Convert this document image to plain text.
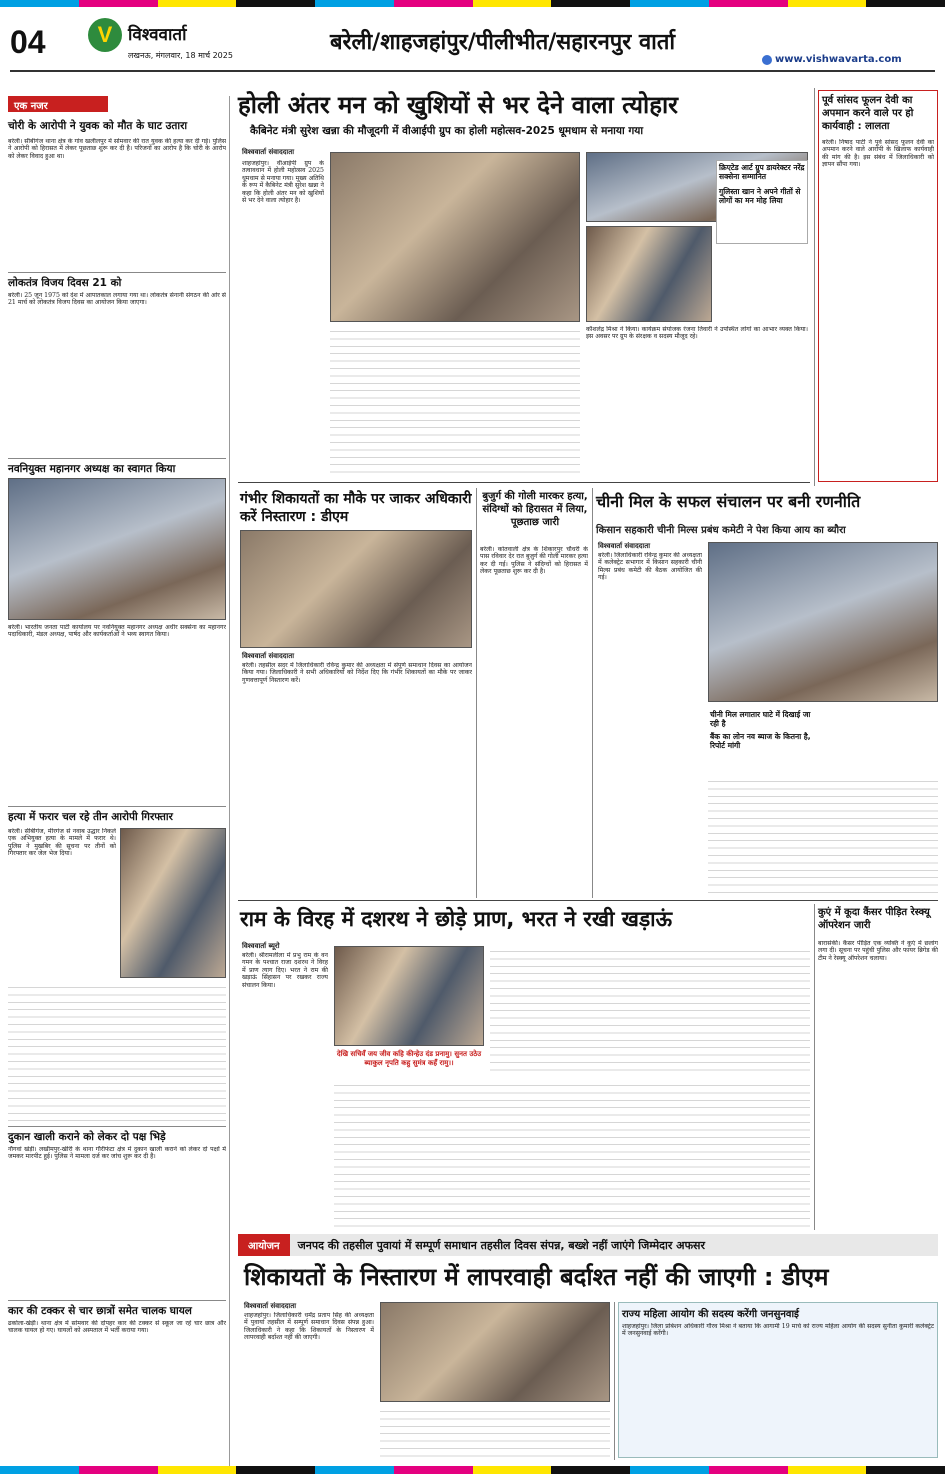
04 V विश्ववार्ता
लखनऊ, मंगलवार, 18 मार्च 2025
बरेली/शाहजहांपुर/पीलीभीत/सहारनपुर वार्ता
www.vishwavarta.com
एक नजर
चोरी के आरोपी ने युवक को मौत के घाट उतारा
बरेली। सीबीगंज थाना क्षेत्र के गांव खलीलपुर में सोमवार की रात युवक की हत्या कर दी गई। पुलिस ने आरोपी को हिरासत में लेकर पूछताछ शुरू कर दी है। परिजनों का आरोप है कि चोरी के आरोप को लेकर विवाद हुआ था।
लोकतंत्र विजय दिवस 21 को
बरेली। 25 जून 1975 को देश में आपातकाल लगाया गया था। लोकतंत्र सेनानी संगठन की ओर से 21 मार्च को लोकतंत्र विजय दिवस का आयोजन किया जाएगा।
नवनियुक्त महानगर अध्यक्ष का स्वागत किया
बरेली। भारतीय जनता पार्टी कार्यालय पर नवनियुक्त महानगर अध्यक्ष अधीर सक्सेना का महानगर पदाधिकारी, मंडल अध्यक्ष, पार्षद और कार्यकर्ताओं ने भव्य स्वागत किया।
हत्या में फरार चल रहे तीन आरोपी गिरफ्तार
बरेली। सीबीगंज, मीरगंज से नवाब उद्धार निकले एक अभियुक्त हत्या के मामले में फरार थे। पुलिस ने मुखबिर की सूचना पर तीनों को गिरफ्तार कर जेल भेज दिया।
दुकान खाली कराने को लेकर दो पक्ष भिड़े
नौगवां खेड़ी। लखीमपुर-खीरी के थाना गौरीफंटा क्षेत्र में दुकान खाली कराने को लेकर दो पक्षों में जमकर मारपीट हुई। पुलिस ने मामला दर्ज कर जांच शुरू कर दी है।
कार की टक्कर से चार छात्रों समेत चालक घायल
ढकोला-खेड़ी। थाना क्षेत्र में सोमवार की दोपहर कार की टक्कर से स्कूल जा रहे चार छात्र और चालक घायल हो गए। घायलों को अस्पताल में भर्ती कराया गया।
होली अंतर मन को खुशियों से भर देने वाला त्योहार
कैबिनेट मंत्री सुरेश खन्ना की मौजूदगी में वीआईपी ग्रुप का होली महोत्सव-2025 धूमधाम से मनाया गया
विश्ववार्ता संवाददाता
शाहजहांपुर। वीआईपी ग्रुप के तत्वावधान में होली महोत्सव 2025 धूमधाम से मनाया गया। मुख्य अतिथि के रूप में कैबिनेट मंत्री सुरेश खन्ना ने कहा कि होली अंतर मन को खुशियों से भर देने वाला त्योहार है।
क्रिएटेड आर्ट ग्रुप डायरेक्टर नरेंद्र सक्सेना सम्मानित
गुलिस्ता खान ने अपने गीतों से लोगों का मन मोह लिया
कौशलेंद्र मिश्रा ने किया। कार्यक्रम संयोजक रंजना तिवारी ने उपस्थित लोगों का आभार व्यक्त किया। इस अवसर पर ग्रुप के संरक्षक व सदस्य मौजूद रहे।
गंभीर शिकायतों का मौके पर जाकर अधिकारी करें निस्तारण : डीएम
विश्ववार्ता संवाददाता
बरेली। तहसील सदर में जिलाधिकारी रविन्द्र कुमार की अध्यक्षता में संपूर्ण समाधान दिवस का आयोजन किया गया। जिलाधिकारी ने सभी अधिकारियों को निर्देश दिए कि गंभीर शिकायतों का मौके पर जाकर गुणवत्तापूर्ण निस्तारण करें।
बुजुर्ग की गोली मारकर हत्या, संदिग्धों को हिरासत में लिया, पूछताछ जारी
बरेली। कोतवाली क्षेत्र के शिकारपुर चौधरी के पास रविवार देर रात बुजुर्ग की गोली मारकर हत्या कर दी गई। पुलिस ने संदिग्धों को हिरासत में लेकर पूछताछ शुरू कर दी है।
चीनी मिल के सफल संचालन पर बनी रणनीति
किसान सहकारी चीनी मिल्स प्रबंध कमेटी ने पेश किया आय का ब्यौरा
विश्ववार्ता संवाददाता
बरेली। जिलाधिकारी रविन्द्र कुमार की अध्यक्षता में कलेक्ट्रेट सभागार में किसान सहकारी चीनी मिल्स प्रबंध कमेटी की बैठक आयोजित की गई।
चीनी मिल लगातार घाटे में दिखाई जा रही है
बैंक का लोन नव ब्याज के कितना है, रिपोर्ट मांगी
पूर्व सांसद फूलन देवी का अपमान करने वाले पर हो कार्यवाही : लालता
बरेली। निषाद पार्टी ने पूर्व सांसद फूलन देवी का अपमान करने वाले आरोपी के खिलाफ कार्यवाही की मांग की है। इस संबंध में जिलाधिकारी को ज्ञापन सौंपा गया।
राम के विरह में दशरथ ने छोड़े प्राण, भरत ने रखी खड़ाऊं
विश्ववार्ता ब्यूरो
बरेली। श्रीरामलीला में प्रभु राम के वन गमन के पश्चात राजा दशरथ ने विरह में प्राण त्याग दिए। भरत ने राम की खड़ाऊं सिंहासन पर रखकर राज्य संचालन किया।
देखि सचिवँ जय जीव कहि कीन्हेउ दंड प्रनामु। सुनत उठेउ ब्याकुल नृपति कहु सुमंत्र कहँ रामु।।
कुएं में कूदा कैंसर पीड़ित रेस्क्यू ऑपरेशन जारी
बारासंकी। कैंसर पीड़ित एक व्यक्ति ने कुएं में छलांग लगा दी। सूचना पर पहुंची पुलिस और फायर ब्रिगेड की टीम ने रेस्क्यू ऑपरेशन चलाया।
आयोजन	जनपद की तहसील पुवायां में सम्पूर्ण समाधान तहसील दिवस संपन्न, बख्शे नहीं जाएंगे जिम्मेदार अफसर
शिकायतों के निस्तारण में लापरवाही बर्दाश्त नहीं की जाएगी : डीएम
विश्ववार्ता संवाददाता
शाहजहांपुर। जिलाधिकारी धर्मेंद्र प्रताप सिंह की अध्यक्षता में पुवायां तहसील में सम्पूर्ण समाधान दिवस संपन्न हुआ। जिलाधिकारी ने कहा कि शिकायतों के निस्तारण में लापरवाही बर्दाश्त नहीं की जाएगी।
राज्य महिला आयोग की सदस्य करेंगी जनसुनवाई
शाहजहांपुर। जिला प्रोबेशन अधिकारी गौरव मिश्रा ने बताया कि आगामी 19 मार्च को राज्य महिला आयोग की सदस्य सुनीता कुमारी कलेक्ट्रेट में जनसुनवाई करेंगी।
